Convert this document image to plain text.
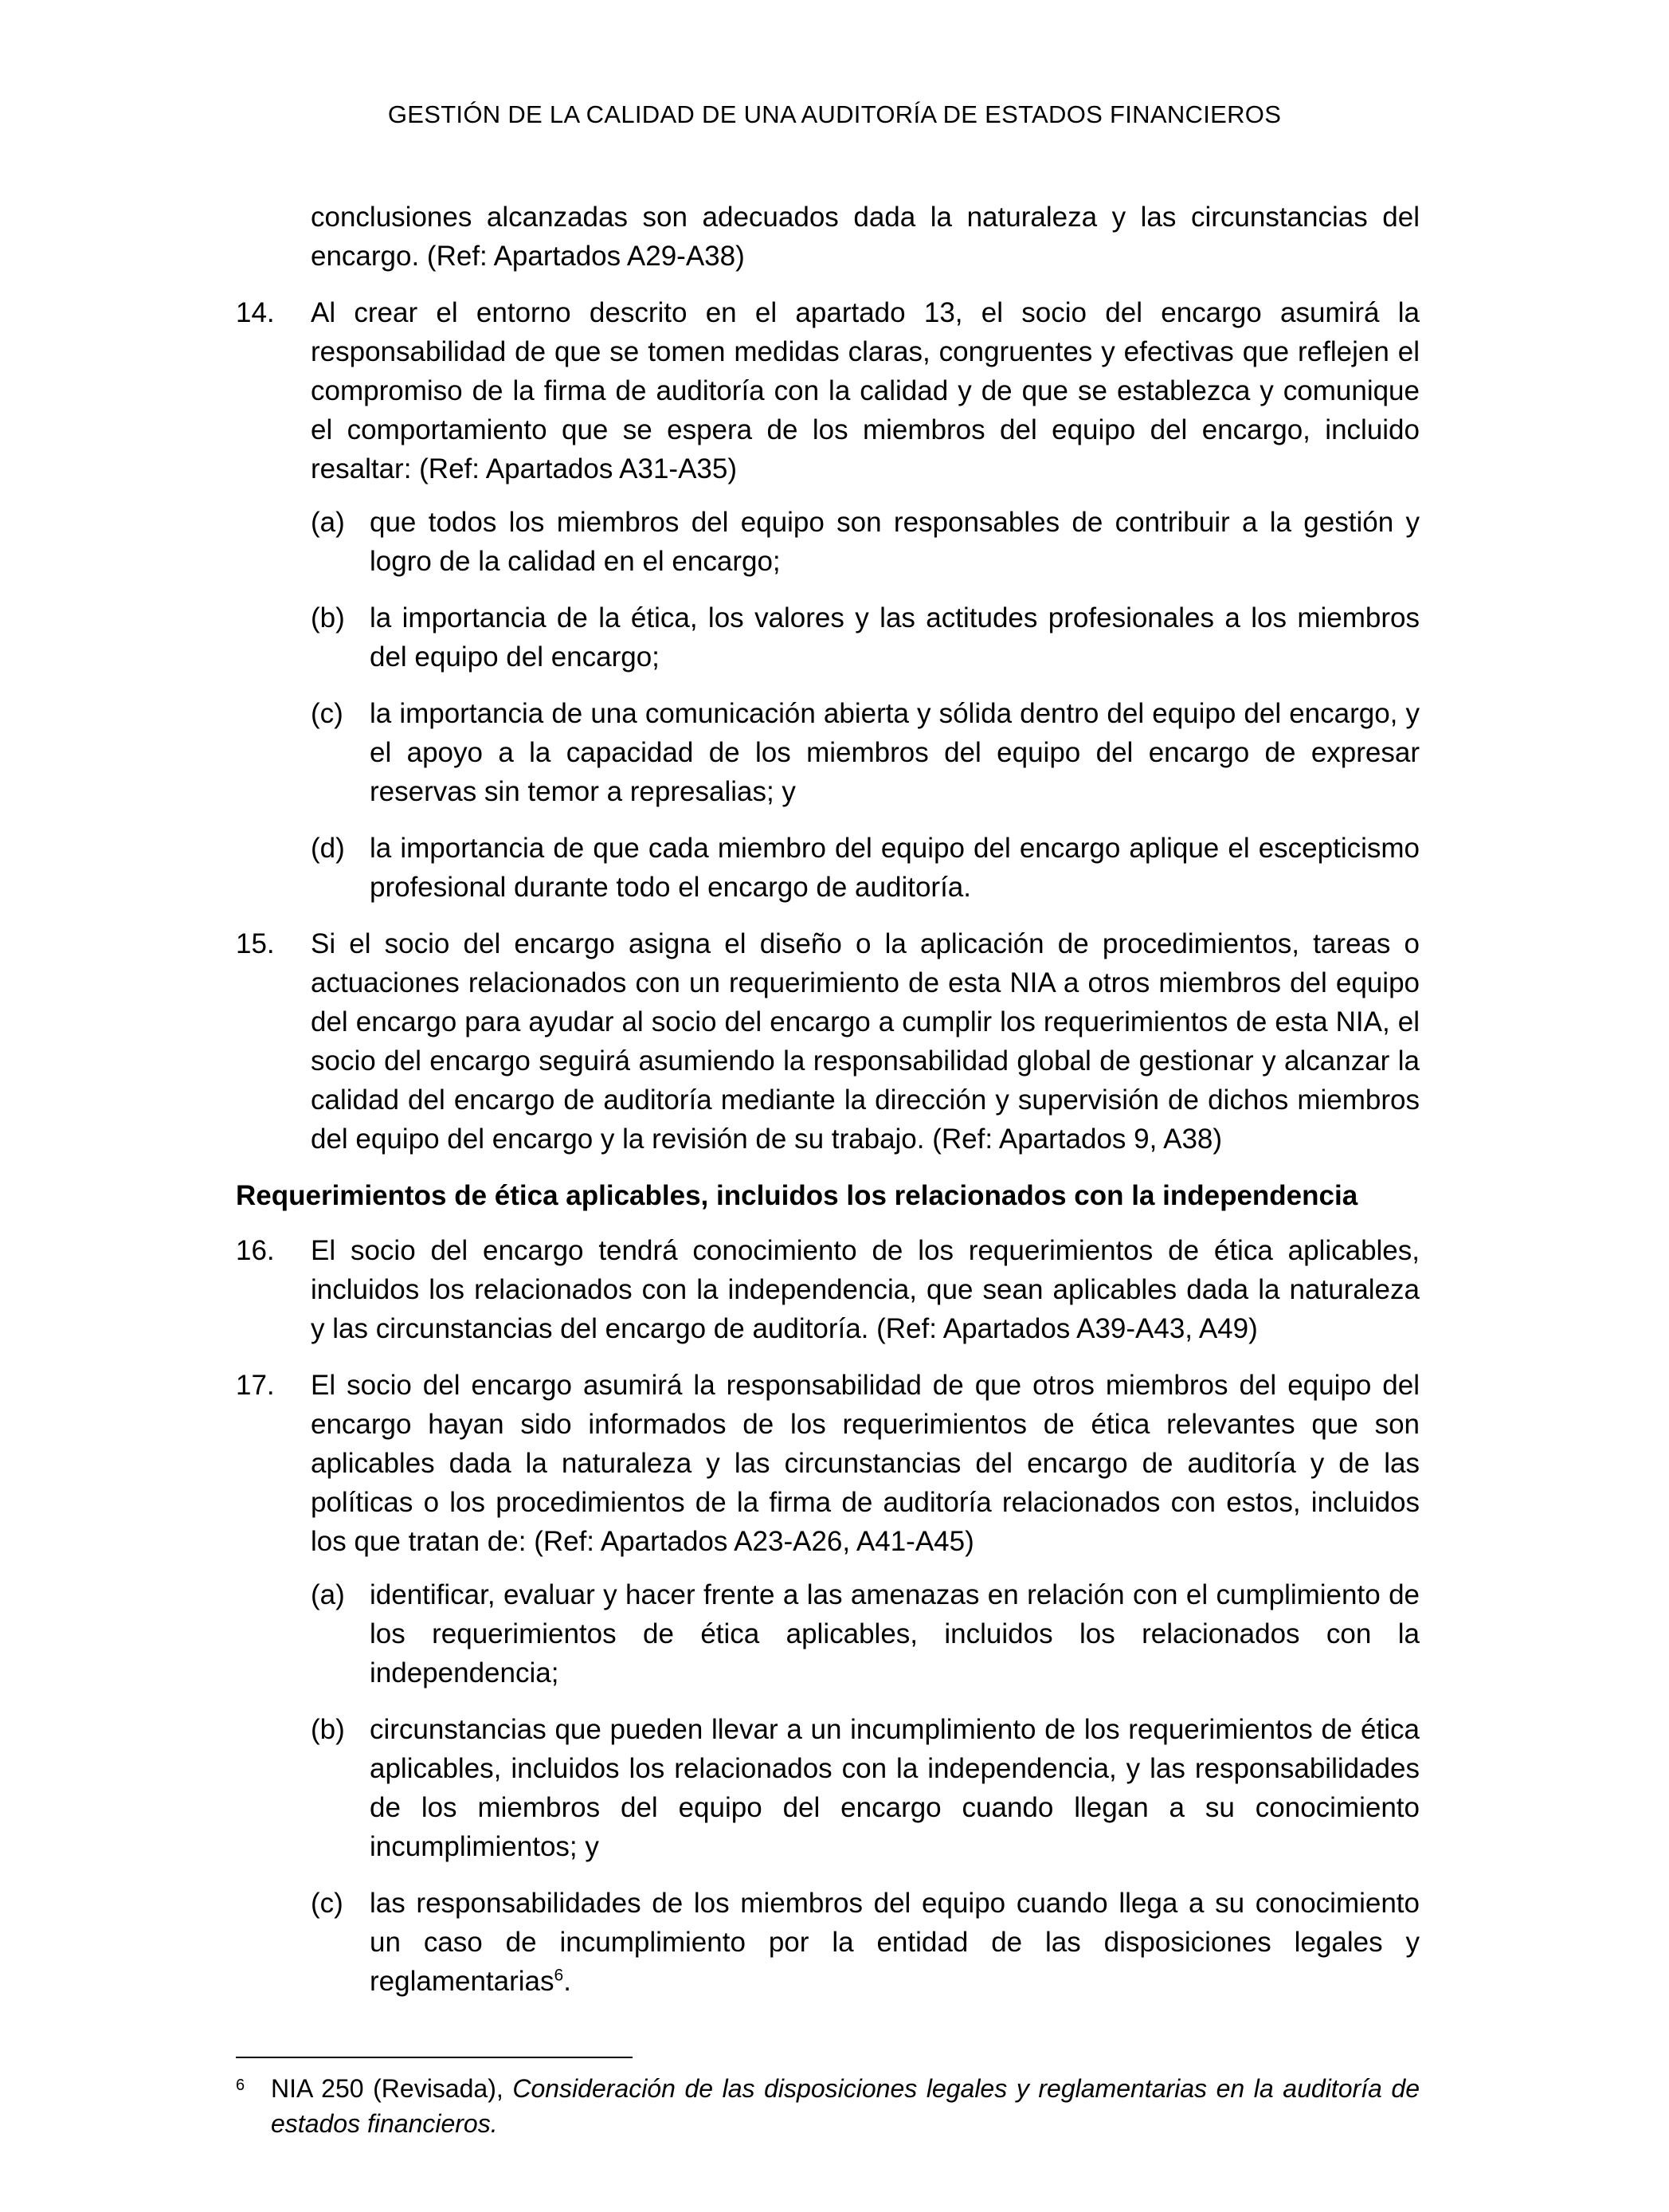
GESTIÓN DE LA CALIDAD DE UNA AUDITORÍA DE ESTADOS FINANCIEROS

conclusiones alcanzadas son adecuados dada la naturaleza y las circunstancias del encargo. (Ref: Apartados A29-A38)

14. Al crear el entorno descrito en el apartado 13, el socio del encargo asumirá la responsabilidad de que se tomen medidas claras, congruentes y efectivas que reflejen el compromiso de la firma de auditoría con la calidad y de que se establezca y comunique el comportamiento que se espera de los miembros del equipo del encargo, incluido resaltar: (Ref: Apartados A31-A35)

(a) que todos los miembros del equipo son responsables de contribuir a la gestión y logro de la calidad en el encargo;

(b) la importancia de la ética, los valores y las actitudes profesionales a los miembros del equipo del encargo;

(c) la importancia de una comunicación abierta y sólida dentro del equipo del encargo, y el apoyo a la capacidad de los miembros del equipo del encargo de expresar reservas sin temor a represalias; y

(d) la importancia de que cada miembro del equipo del encargo aplique el escepticismo profesional durante todo el encargo de auditoría.

15. Si el socio del encargo asigna el diseño o la aplicación de procedimientos, tareas o actuaciones relacionados con un requerimiento de esta NIA a otros miembros del equipo del encargo para ayudar al socio del encargo a cumplir los requerimientos de esta NIA, el socio del encargo seguirá asumiendo la responsabilidad global de gestionar y alcanzar la calidad del encargo de auditoría mediante la dirección y supervisión de dichos miembros del equipo del encargo y la revisión de su trabajo. (Ref: Apartados 9, A38)

Requerimientos de ética aplicables, incluidos los relacionados con la independencia

16. El socio del encargo tendrá conocimiento de los requerimientos de ética aplicables, incluidos los relacionados con la independencia, que sean aplicables dada la naturaleza y las circunstancias del encargo de auditoría. (Ref: Apartados A39-A43, A49)

17. El socio del encargo asumirá la responsabilidad de que otros miembros del equipo del encargo hayan sido informados de los requerimientos de ética relevantes que son aplicables dada la naturaleza y las circunstancias del encargo de auditoría y de las políticas o los procedimientos de la firma de auditoría relacionados con estos, incluidos los que tratan de: (Ref: Apartados A23-A26, A41-A45)

(a) identificar, evaluar y hacer frente a las amenazas en relación con el cumplimiento de los requerimientos de ética aplicables, incluidos los relacionados con la independencia;

(b) circunstancias que pueden llevar a un incumplimiento de los requerimientos de ética aplicables, incluidos los relacionados con la independencia, y las responsabilidades de los miembros del equipo del encargo cuando llegan a su conocimiento incumplimientos; y

(c) las responsabilidades de los miembros del equipo cuando llega a su conocimiento un caso de incumplimiento por la entidad de las disposiciones legales y reglamentarias$^6$.

6 NIA 250 (Revisada), Consideración de las disposiciones legales y reglamentarias en la auditoría de estados financieros.
